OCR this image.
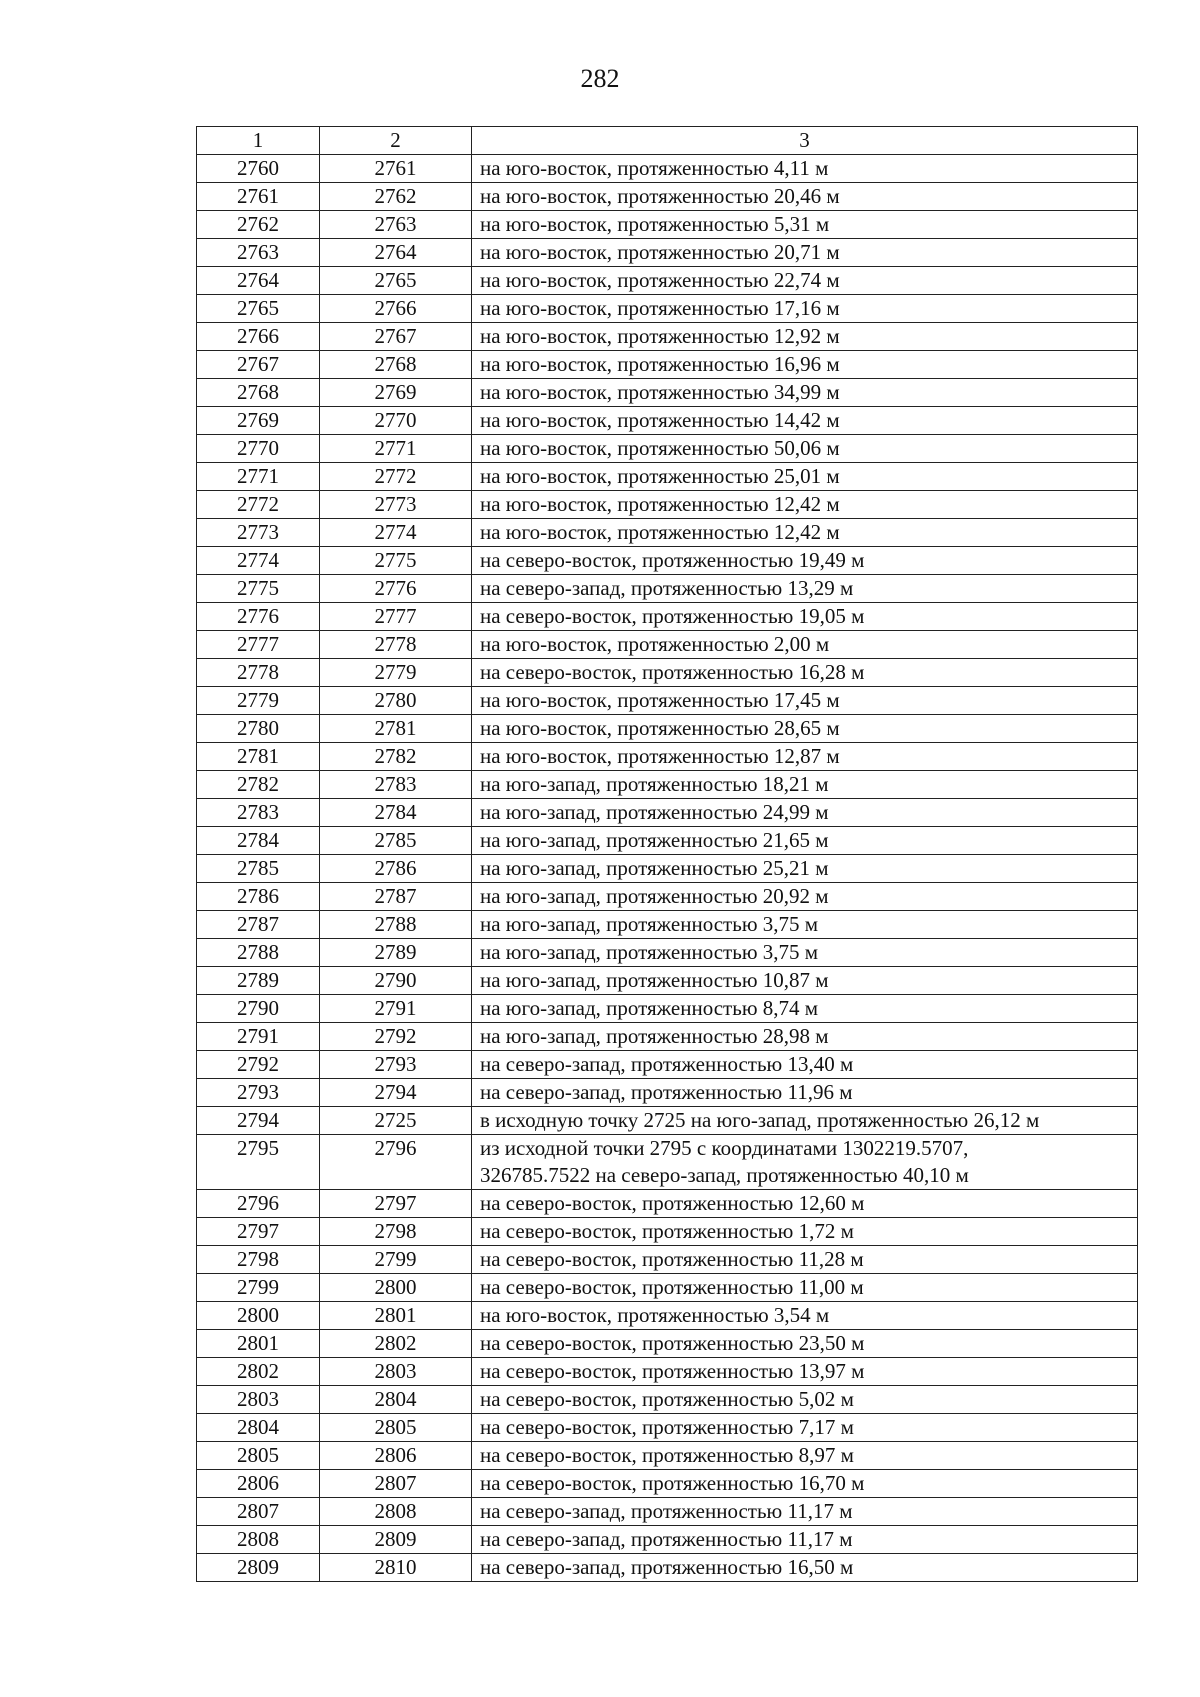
282
1	2	3
2760	2761	на юго-восток, протяженностью 4,11 м
2761	2762	на юго-восток, протяженностью 20,46 м
2762	2763	на юго-восток, протяженностью 5,31 м
2763	2764	на юго-восток, протяженностью 20,71 м
2764	2765	на юго-восток, протяженностью 22,74 м
2765	2766	на юго-восток, протяженностью 17,16 м
2766	2767	на юго-восток, протяженностью 12,92 м
2767	2768	на юго-восток, протяженностью 16,96 м
2768	2769	на юго-восток, протяженностью 34,99 м
2769	2770	на юго-восток, протяженностью 14,42 м
2770	2771	на юго-восток, протяженностью 50,06 м
2771	2772	на юго-восток, протяженностью 25,01 м
2772	2773	на юго-восток, протяженностью 12,42 м
2773	2774	на юго-восток, протяженностью 12,42 м
2774	2775	на северо-восток, протяженностью 19,49 м
2775	2776	на северо-запад, протяженностью 13,29 м
2776	2777	на северо-восток, протяженностью 19,05 м
2777	2778	на юго-восток, протяженностью 2,00 м
2778	2779	на северо-восток, протяженностью 16,28 м
2779	2780	на юго-восток, протяженностью 17,45 м
2780	2781	на юго-восток, протяженностью 28,65 м
2781	2782	на юго-восток, протяженностью 12,87 м
2782	2783	на юго-запад, протяженностью 18,21 м
2783	2784	на юго-запад, протяженностью 24,99 м
2784	2785	на юго-запад, протяженностью 21,65 м
2785	2786	на юго-запад, протяженностью 25,21 м
2786	2787	на юго-запад, протяженностью 20,92 м
2787	2788	на юго-запад, протяженностью 3,75 м
2788	2789	на юго-запад, протяженностью 3,75 м
2789	2790	на юго-запад, протяженностью 10,87 м
2790	2791	на юго-запад, протяженностью 8,74 м
2791	2792	на юго-запад, протяженностью 28,98 м
2792	2793	на северо-запад, протяженностью 13,40 м
2793	2794	на северо-запад, протяженностью 11,96 м
2794	2725	в исходную точку 2725 на юго-запад, протяженностью 26,12 м
2795	2796	из исходной точки 2795 с координатами 1302219.5707,
326785.7522 на северо-запад, протяженностью 40,10 м
2796	2797	на северо-восток, протяженностью 12,60 м
2797	2798	на северо-восток, протяженностью 1,72 м
2798	2799	на северо-восток, протяженностью 11,28 м
2799	2800	на северо-восток, протяженностью 11,00 м
2800	2801	на юго-восток, протяженностью 3,54 м
2801	2802	на северо-восток, протяженностью 23,50 м
2802	2803	на северо-восток, протяженностью 13,97 м
2803	2804	на северо-восток, протяженностью 5,02 м
2804	2805	на северо-восток, протяженностью 7,17 м
2805	2806	на северо-восток, протяженностью 8,97 м
2806	2807	на северо-восток, протяженностью 16,70 м
2807	2808	на северо-запад, протяженностью 11,17 м
2808	2809	на северо-запад, протяженностью 11,17 м
2809	2810	на северо-запад, протяженностью 16,50 м
